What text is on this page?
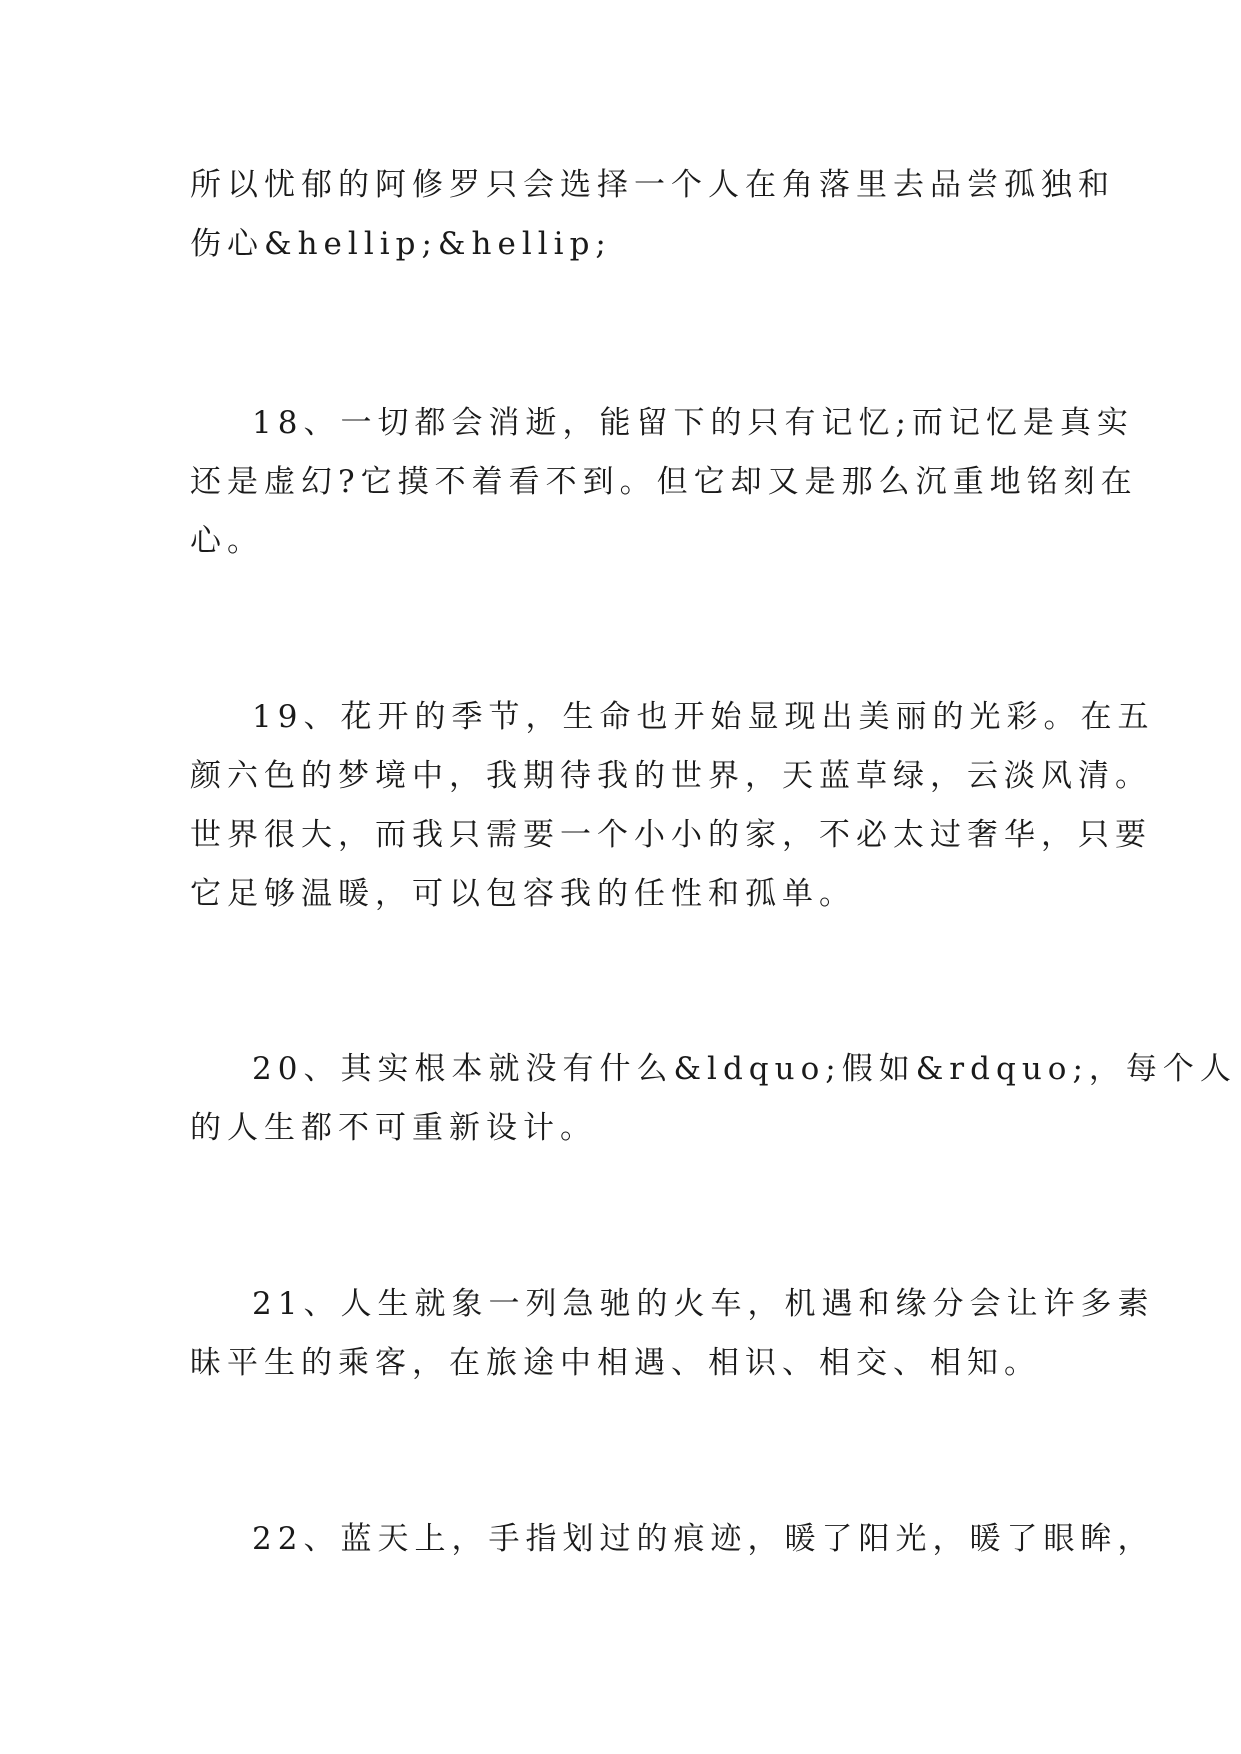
所以忧郁的阿修罗只会选择一个人在角落里去品尝孤独和
伤心&hellip;&hellip;
18、一切都会消逝，能留下的只有记忆;而记忆是真实
还是虚幻?它摸不着看不到。但它却又是那么沉重地铭刻在
心。
19、花开的季节，生命也开始显现出美丽的光彩。在五
颜六色的梦境中，我期待我的世界，天蓝草绿，云淡风清。
世界很大，而我只需要一个小小的家，不必太过奢华，只要
它足够温暖，可以包容我的任性和孤单。
20、其实根本就没有什么&ldquo;假如&rdquo;，每个人
的人生都不可重新设计。
21、人生就象一列急驰的火车，机遇和缘分会让许多素
昧平生的乘客，在旅途中相遇、相识、相交、相知。
22、蓝天上，手指划过的痕迹，暖了阳光，暖了眼眸，
